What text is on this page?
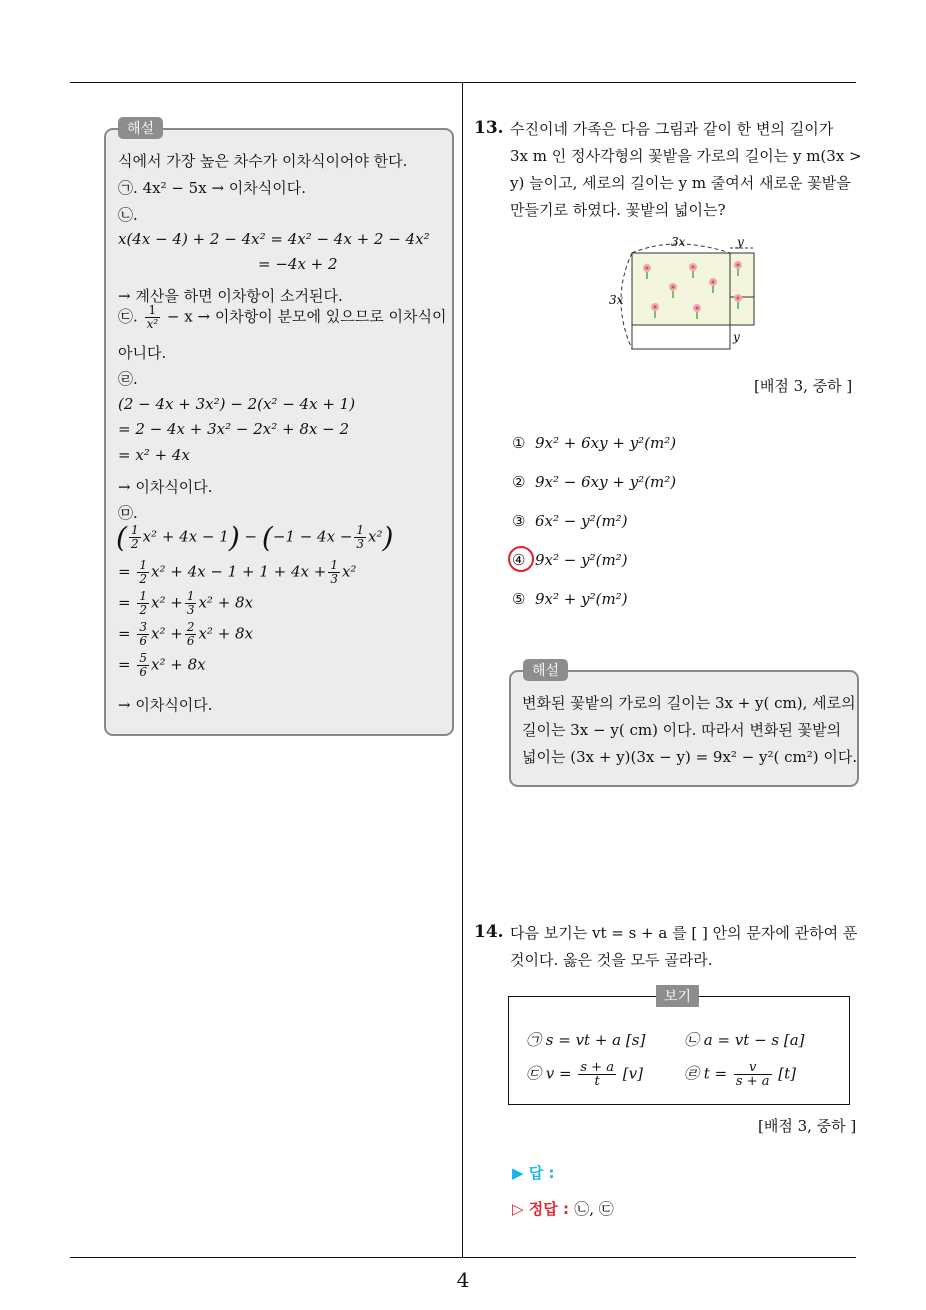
해설
식에서 가장 높은 차수가 이차식이어야 한다.
㉠. 4x² − 5x → 이차식이다.
㉡.
x(4x − 4) + 2 − 4x² = 4x² − 4x + 2 − 4x²
= −4x + 2
→ 계산을 하면 이차항이 소거된다.
㉢. $\frac{1}{\text{x²}} - x$ → 이차항이 분모에 있으므로 이차식이
아니다.
㉣.
(2 − 4x + 3x²) − 2(x² − 4x + 1)
= 2 − 4x + 3x² − 2x² + 8x − 2
= x² + 4x
→ 이차식이다.
㉤.
( $\frac{1}{2} x^2 + 4x - 1) - (-1 - 4x - \frac{1}{3} x^2)$
= $\frac{1}{2} x^2 + 4x - 1 + 1 + 4x + \frac{1}{3} x^2$
= $\frac{1}{2} x^2 + \frac{1}{3} x^2 + 8x$
= $\frac{3}{6} x^2 + \frac{2}{6} x^2 + 8x$
= $\frac{5}{6} x^2 + 8x$
→ 이차식이다.
13. 수진이네 가족은 다음 그림과 같이 한 변의 길이가
3x m 인 정사각형의 꽃밭을 가로의 길이는 y m(3x >
y) 늘이고, 세로의 길이는 y m 줄여서 새로운 꽃밭을
만들기로 하였다. 꽃밭의 넓이는?
3x	y
3x
y
[배점 3, 중하 ]
① 9x² + 6xy + y²(m²)
② 9x² − 6xy + y²(m²)
③ 6x² − y²(m²)
④ 9x² − y²(m²)
⑤ 9x² + y²(m²)
해설
변화된 꽃밭의 가로의 길이는 3x + y( cm), 세로의
길이는 3x − y( cm) 이다. 따라서 변화된 꽃밭의
넓이는 (3x + y)(3x − y) = 9x² − y²( cm²) 이다.
14. 다음 보기는 vt = s + a 를 [ ] 안의 문자에 관하여 푼
것이다. 옳은 것을 모두 골라라.
보기
㉠ s = vt + a [s]	㉡ a = vt − s [a]
㉢ $v = \frac{s + a}{t} [v]$	㉣ $t = \frac{v}{s + a} [t]$
[배점 3, 중하 ]
▶ 답 :
▷ 정답 : ㉡, ㉢
4
